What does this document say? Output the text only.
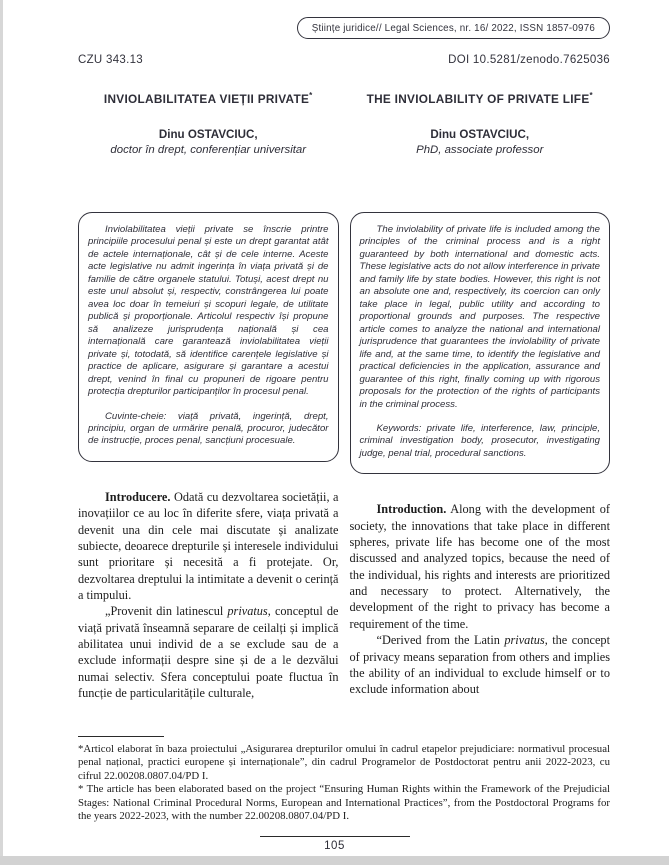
Științe juridice// Legal Sciences, nr. 16/ 2022, ISSN 1857-0976
CZU 343.13	DOI 10.5281/zenodo.7625036
INVIOLABILITATEA VIEȚII PRIVATE*
Dinu OSTAVCIUC,
doctor în drept, conferențiar universitar

Inviolabilitatea vieții private se înscrie printre principiile procesului penal și este un drept garantat atât de actele internaționale, cât și de cele interne. Aceste acte legislative nu admit ingerința în viața privată și de familie de către organele statului. Totuși, acest drept nu este unul absolut și, respectiv, constrângerea lui poate avea loc doar în temeiuri și scopuri legale, de utilitate publică și proporționale. Articolul respectiv își propune să analizeze jurisprudența națională și cea internațională care garantează inviolabilitatea vieții private și, totodată, să identifice carențele legislative și practice de aplicare, asigurare și garantare a acestui drept, venind în final cu propuneri de rigoare pentru protecția drepturilor participanților în procesul penal.

Cuvinte-cheie: viață privată, ingerință, drept, principiu, organ de urmărire penală, procuror, judecător de instrucție, proces penal, sancțiuni procesuale.

Introducere. Odată cu dezvoltarea societății, a inovațiilor ce au loc în diferite sfere, viața privată a devenit una din cele mai discutate și analizate subiecte, deoarece drepturile și interesele individului sunt prioritare și necesită a fi protejate. Or, dezvoltarea dreptului la intimitate a devenit o cerință a timpului.

„Provenit din latinescul privatus, conceptul de viață privată înseamnă separare de ceilalți și implică abilitatea unui individ de a se exclude sau de a exclude informații despre sine și de a le dezvălui numai selectiv. Sfera conceptului poate fluctua în funcție de particularitățile culturale,

THE INVIOLABILITY OF PRIVATE LIFE*
Dinu OSTAVCIUC,
PhD, associate professor

The inviolability of private life is included among the principles of the criminal process and is a right guaranteed by both international and domestic acts. These legislative acts do not allow interference in private and family life by state bodies. However, this right is not an absolute one and, respectively, its coercion can only take place in legal, public utility and according to proportional grounds and purposes. The respective article comes to analyze the national and international jurisprudence that guarantees the inviolability of private life and, at the same time, to identify the legislative and practical deficiencies in the application, assurance and guarantee of this right, finally coming up with rigorous proposals for the protection of the rights of participants in the criminal process.

Keywords: private life, interference, law, principle, criminal investigation body, prosecutor, investigating judge, penal trial, procedural sanctions.

Introduction. Along with the development of society, the innovations that take place in different spheres, private life has become one of the most discussed and analyzed topics, because the need of the individual, his rights and interests are prioritized and necessary to protect. Alternatively, the development of the right to privacy has become a requirement of the time.

“Derived from the Latin privatus, the concept of privacy means separation from others and implies the ability of an individual to exclude himself or to exclude information about

*Articol elaborat în baza proiectului „Asigurarea drepturilor omului în cadrul etapelor prejudiciare: normativul procesual penal național, practici europene și internaționale”, din cadrul Programelor de Postdoctorat pentru anii 2022-2023, cu cifrul 22.00208.0807.04/PD I.

* The article has been elaborated based on the project “Ensuring Human Rights within the Framework of the Prejudicial Stages: National Criminal Procedural Norms, European and International Practices”, from the Postdoctoral Programs for the years 2022-2023, with the number 22.00208.0807.04/PD I.

105
